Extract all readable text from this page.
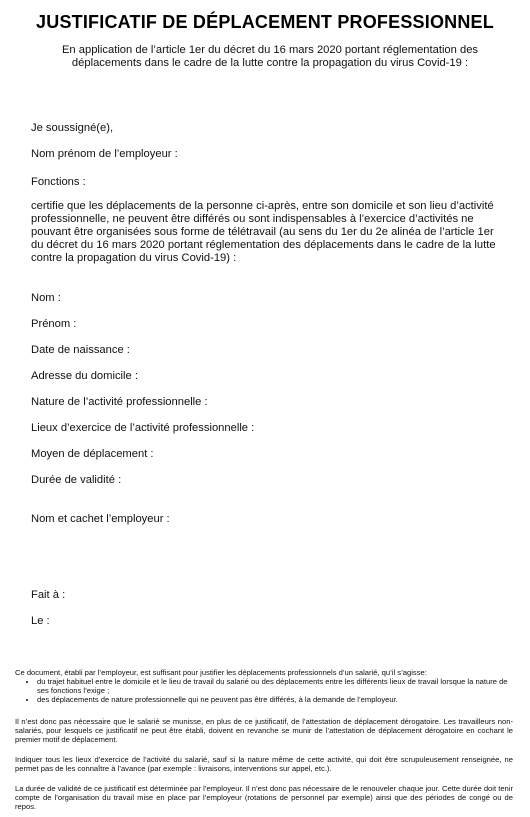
JUSTIFICATIF DE DÉPLACEMENT PROFESSIONNEL
En application de l’article 1er du décret du 16 mars 2020 portant réglementation des déplacements dans le cadre de la lutte contre la propagation du virus Covid-19 :
Je soussigné(e),
Nom prénom de l’employeur :
Fonctions :
certifie que les déplacements de la personne ci-après, entre son domicile et son lieu d’activité professionnelle, ne peuvent être différés ou sont indispensables à l’exercice d’activités ne pouvant être organisées sous forme de télétravail (au sens du 1er du 2e alinéa de l’article 1er du décret du 16 mars 2020 portant réglementation des déplacements dans le cadre de la lutte contre la propagation du virus Covid-19) :
Nom :
Prénom :
Date de naissance :
Adresse du domicile :
Nature de l’activité professionnelle :
Lieux d’exercice de l’activité professionnelle :
Moyen de déplacement :
Durée de validité :
Nom et cachet l’employeur :
Fait à :
Le :
Ce document, établi par l’employeur, est suffisant pour justifier les déplacements professionnels d’un salarié, qu’il s’agisse:
• du trajet habituel entre le domicile et le lieu de travail du salarié ou des déplacements entre les différents lieux de travail lorsque la nature de ses fonctions l’exige ;
• des déplacements de nature professionnelle qui ne peuvent pas être différés, à la demande de l’employeur.
Il n’est donc pas nécessaire que le salarié se munisse, en plus de ce justificatif, de l’attestation de déplacement dérogatoire. Les travailleurs non-salariés, pour lesquels ce justificatif ne peut être établi, doivent en revanche se munir de l’attestation de déplacement dérogatoire en cochant le premier motif de déplacement.
Indiquer tous les lieux d’exercice de l’activité du salarié, sauf si la nature même de cette activité, qui doit être scrupuleusement renseignée, ne permet pas de les connaître à l’avance (par exemple : livraisons, interventions sur appel, etc.).
La durée de validité de ce justificatif est déterminée par l’employeur. Il n’est donc pas nécessaire de le renouveler chaque jour. Cette durée doit tenir compte de l’organisation du travail mise en place par l’employeur (rotations de personnel par exemple) ainsi que des périodes de congé ou de repos.
